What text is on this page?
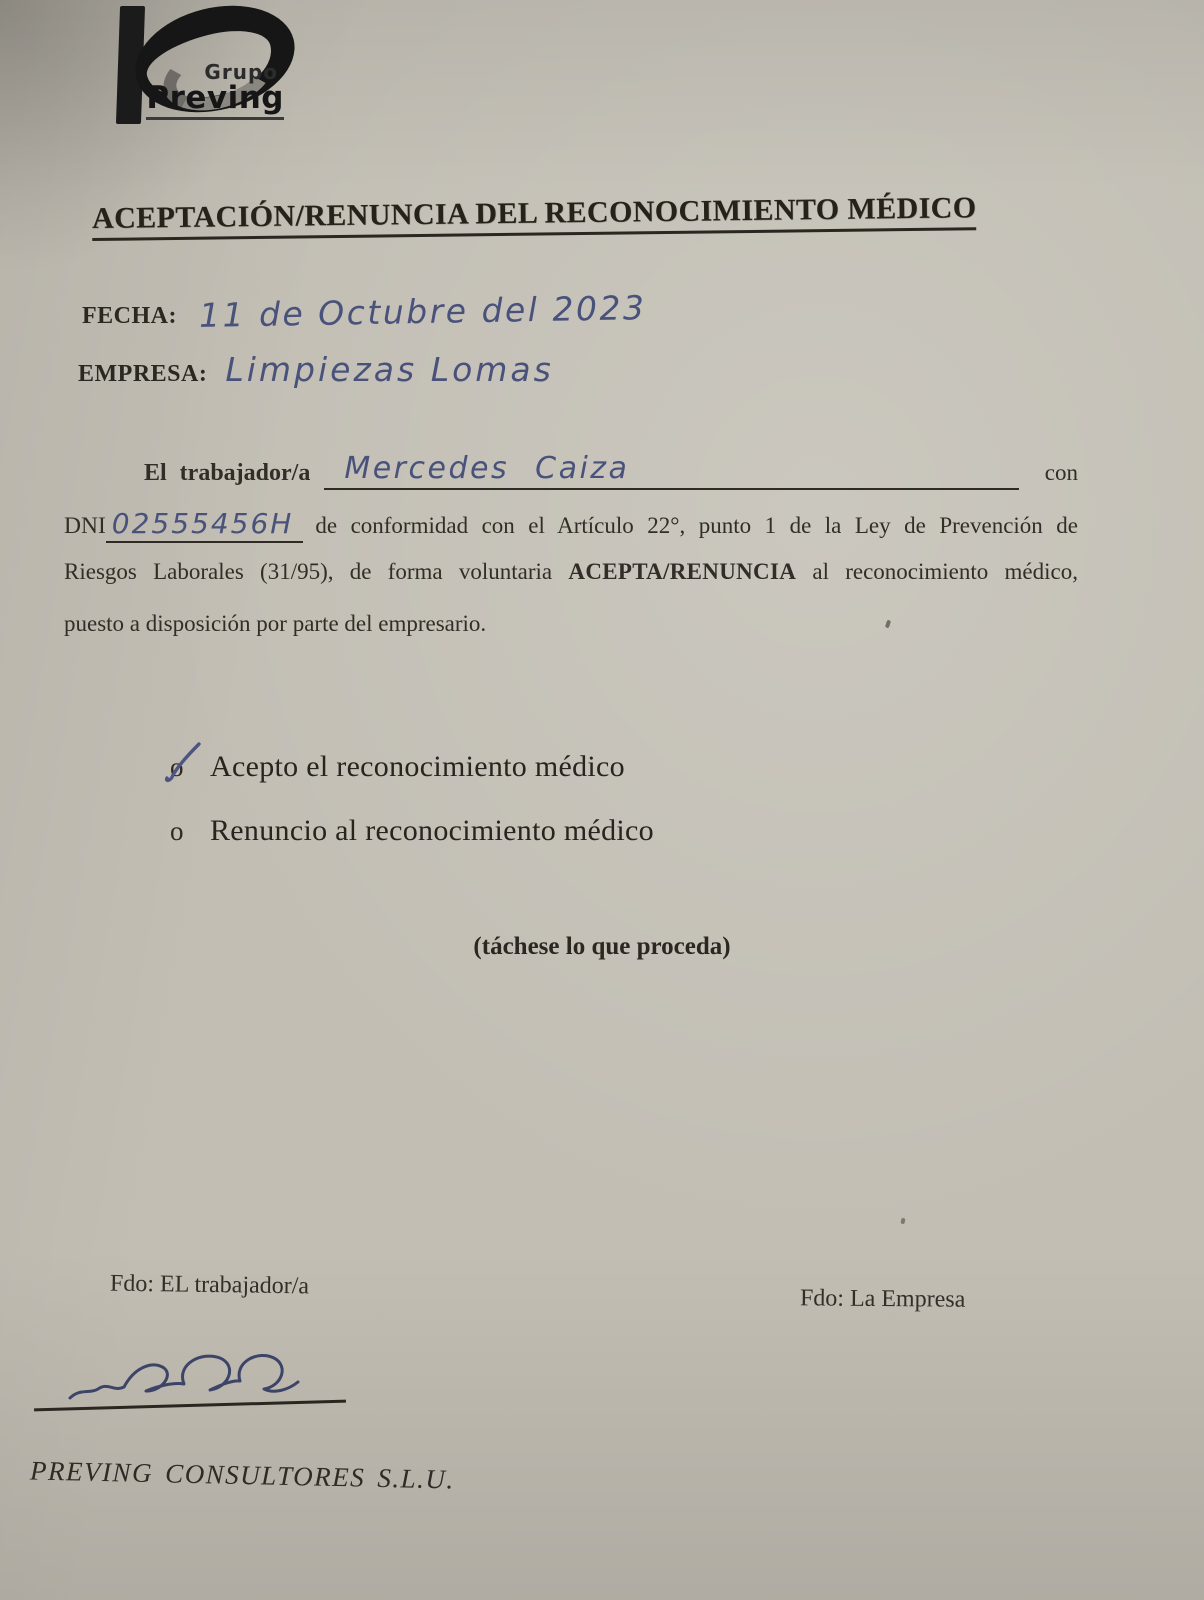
Grupo
Preving
ACEPTACIÓN/RENUNCIA DEL RECONOCIMIENTO MÉDICO
FECHA: 11 de Octubre del 2023
EMPRESA: Limpiezas Lomas
El trabajador/a	Mercedes Caiza	con
DNI 02555456H de conformidad con el Artículo 22°, punto 1 de la Ley de Prevención de
Riesgos Laborales (31/95), de forma voluntaria ACEPTA/RENUNCIA al reconocimiento médico,
puesto a disposición por parte del empresario.
o Acepto el reconocimiento médico
o Renuncio al reconocimiento médico
(táchese lo que proceda)
Fdo: EL trabajador/a	Fdo: La Empresa
PREVING CONSULTORES S.L.U.
